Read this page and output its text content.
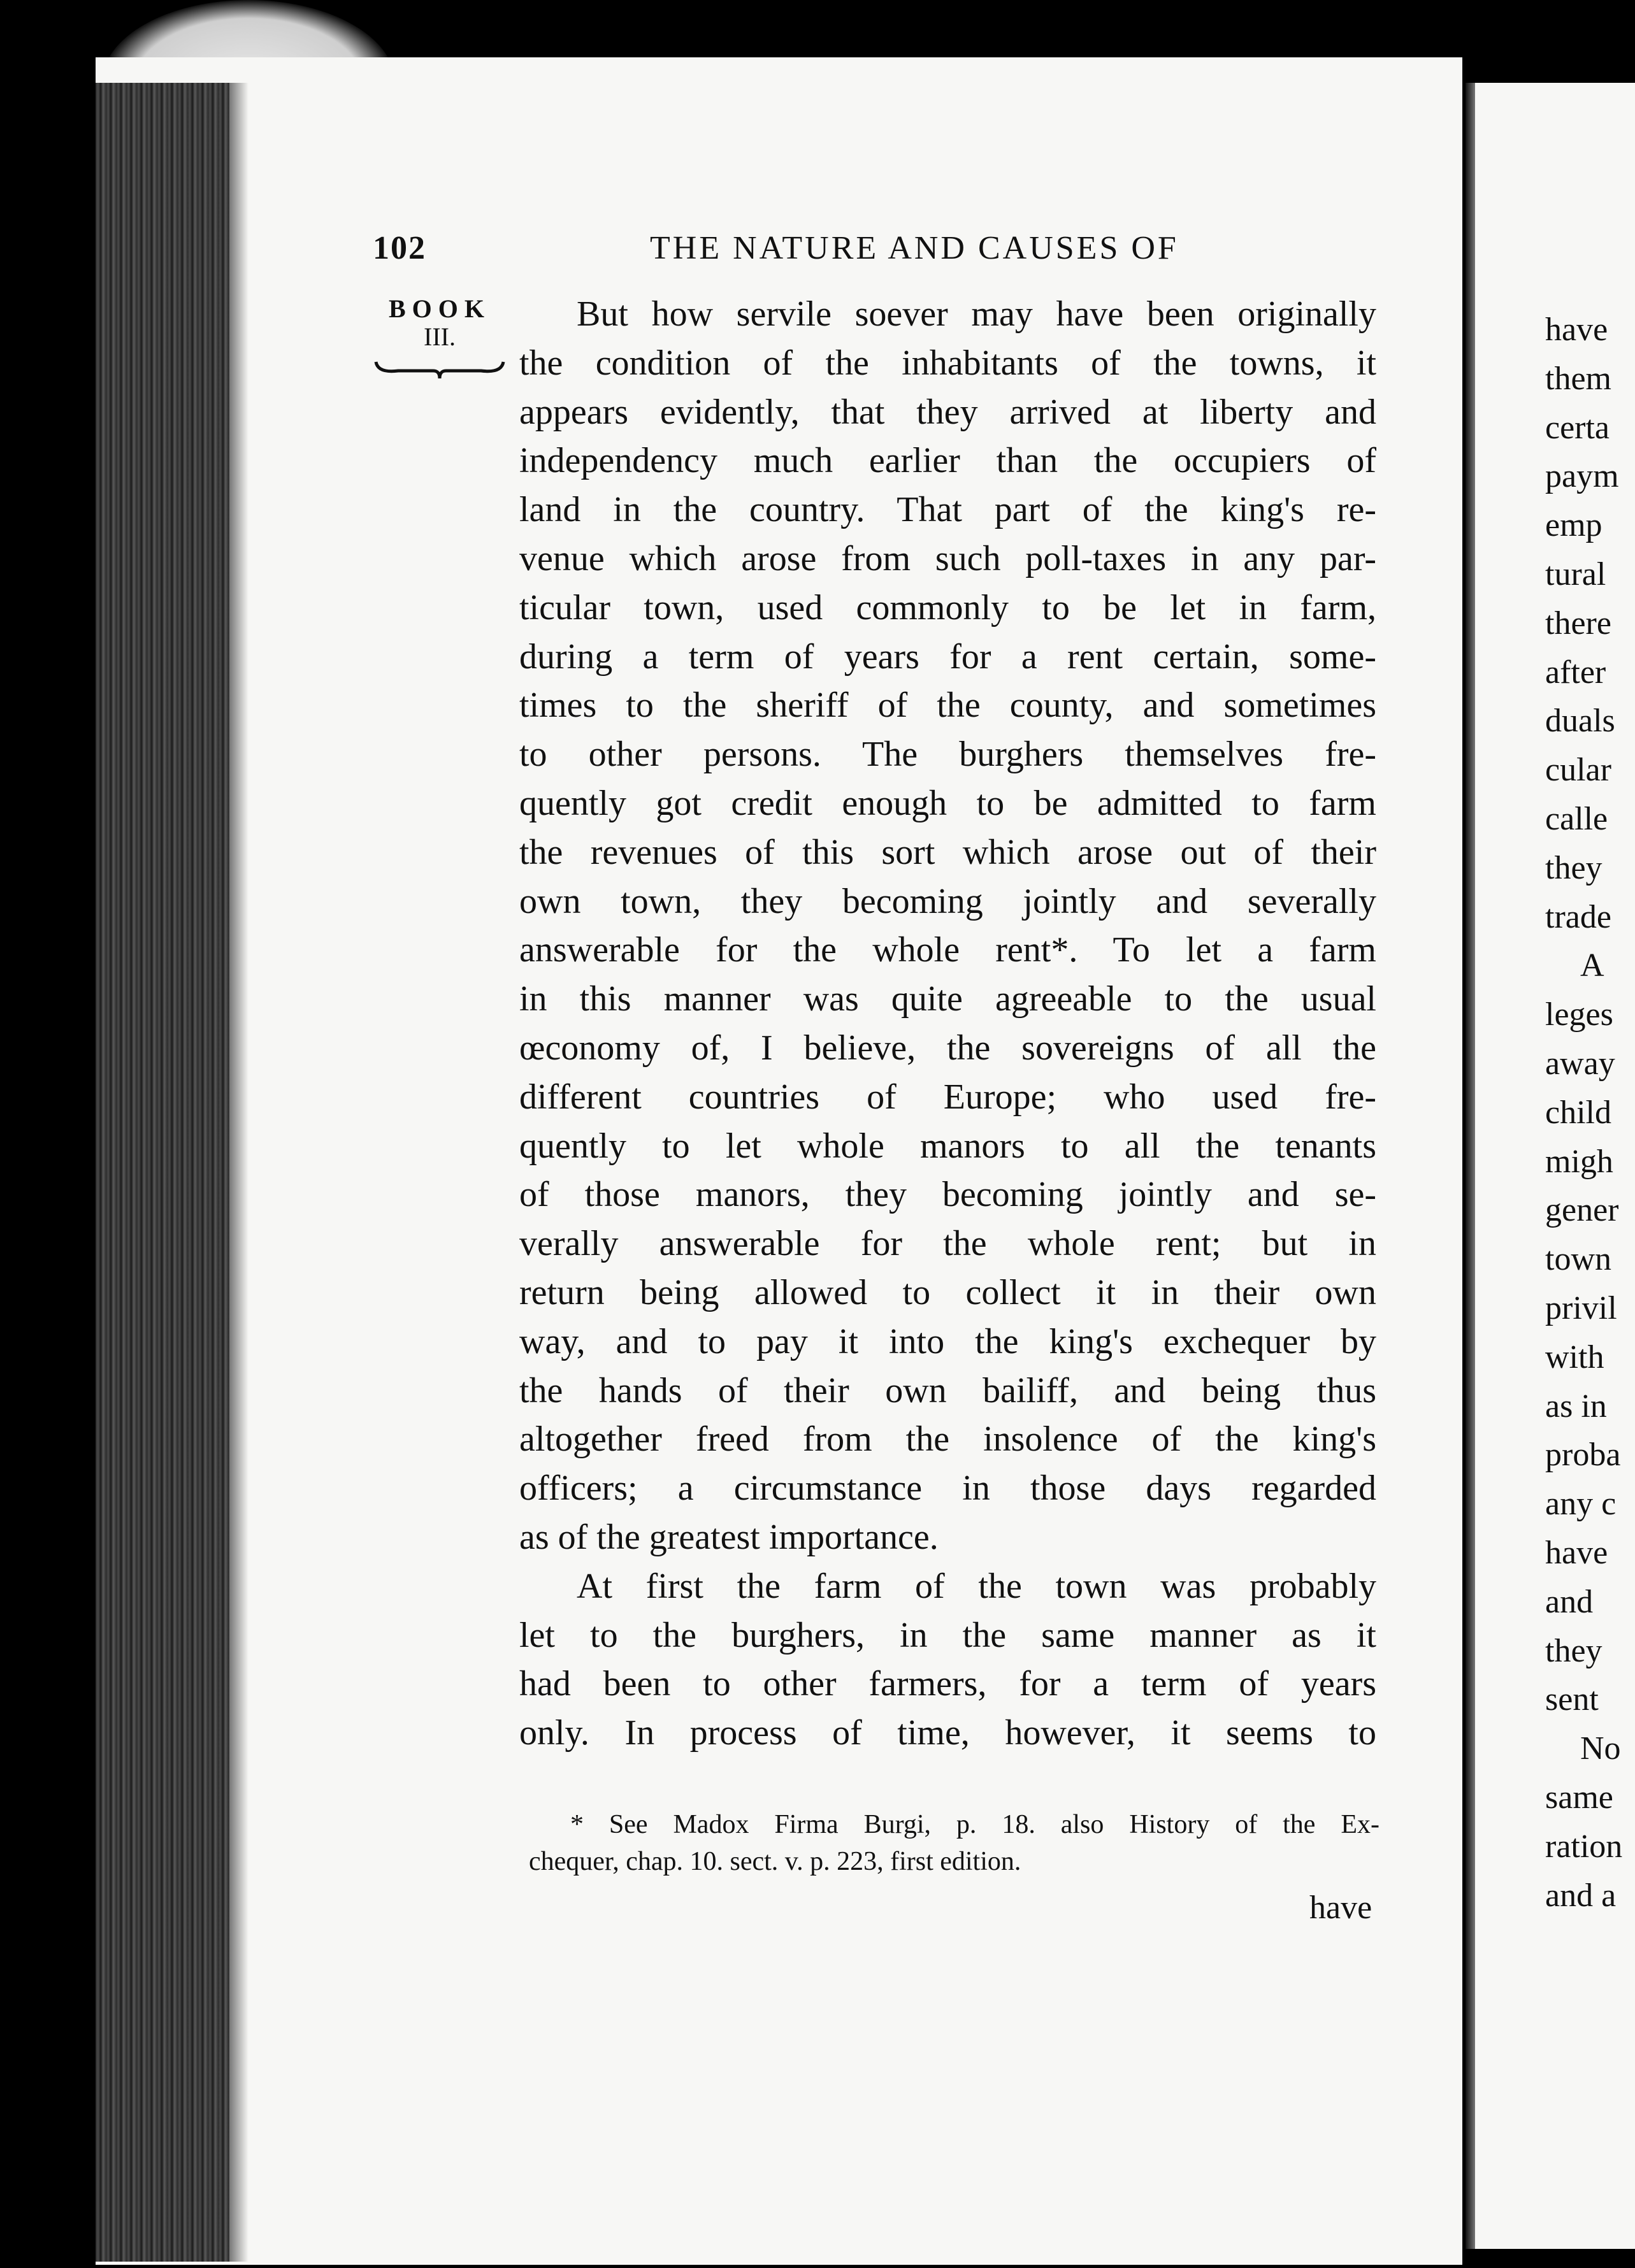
102	THE NATURE AND CAUSES OF
BOOK
III.
But how servile soever may have been originally
the condition of the inhabitants of the towns, it
appears evidently, that they arrived at liberty and
independency much earlier than the occupiers of
land in the country. That part of the king's re-
venue which arose from such poll-taxes in any par-
ticular town, used commonly to be let in farm,
during a term of years for a rent certain, some-
times to the sheriff of the county, and sometimes
to other persons. The burghers themselves fre-
quently got credit enough to be admitted to farm
the revenues of this sort which arose out of their
own town, they becoming jointly and severally
answerable for the whole rent*. To let a farm
in this manner was quite agreeable to the usual
œconomy of, I believe, the sovereigns of all the
different countries of Europe; who used fre-
quently to let whole manors to all the tenants
of those manors, they becoming jointly and se-
verally answerable for the whole rent; but in
return being allowed to collect it in their own
way, and to pay it into the king's exchequer by
the hands of their own bailiff, and being thus
altogether freed from the insolence of the king's
officers; a circumstance in those days regarded
as of the greatest importance.
At first the farm of the town was probably
let to the burghers, in the same manner as it
had been to other farmers, for a term of years
only. In process of time, however, it seems to
* See Madox Firma Burgi, p. 18. also History of the Ex-
chequer, chap. 10. sect. v. p. 223, first edition.
have
have
them
certa
paym
emp
tural
there
after
duals
cular
calle
they
trade
A
leges
away
child
migh
gener
town
privil
with
as in
proba
any c
have
and
they
sent
No
same
ration
and a
